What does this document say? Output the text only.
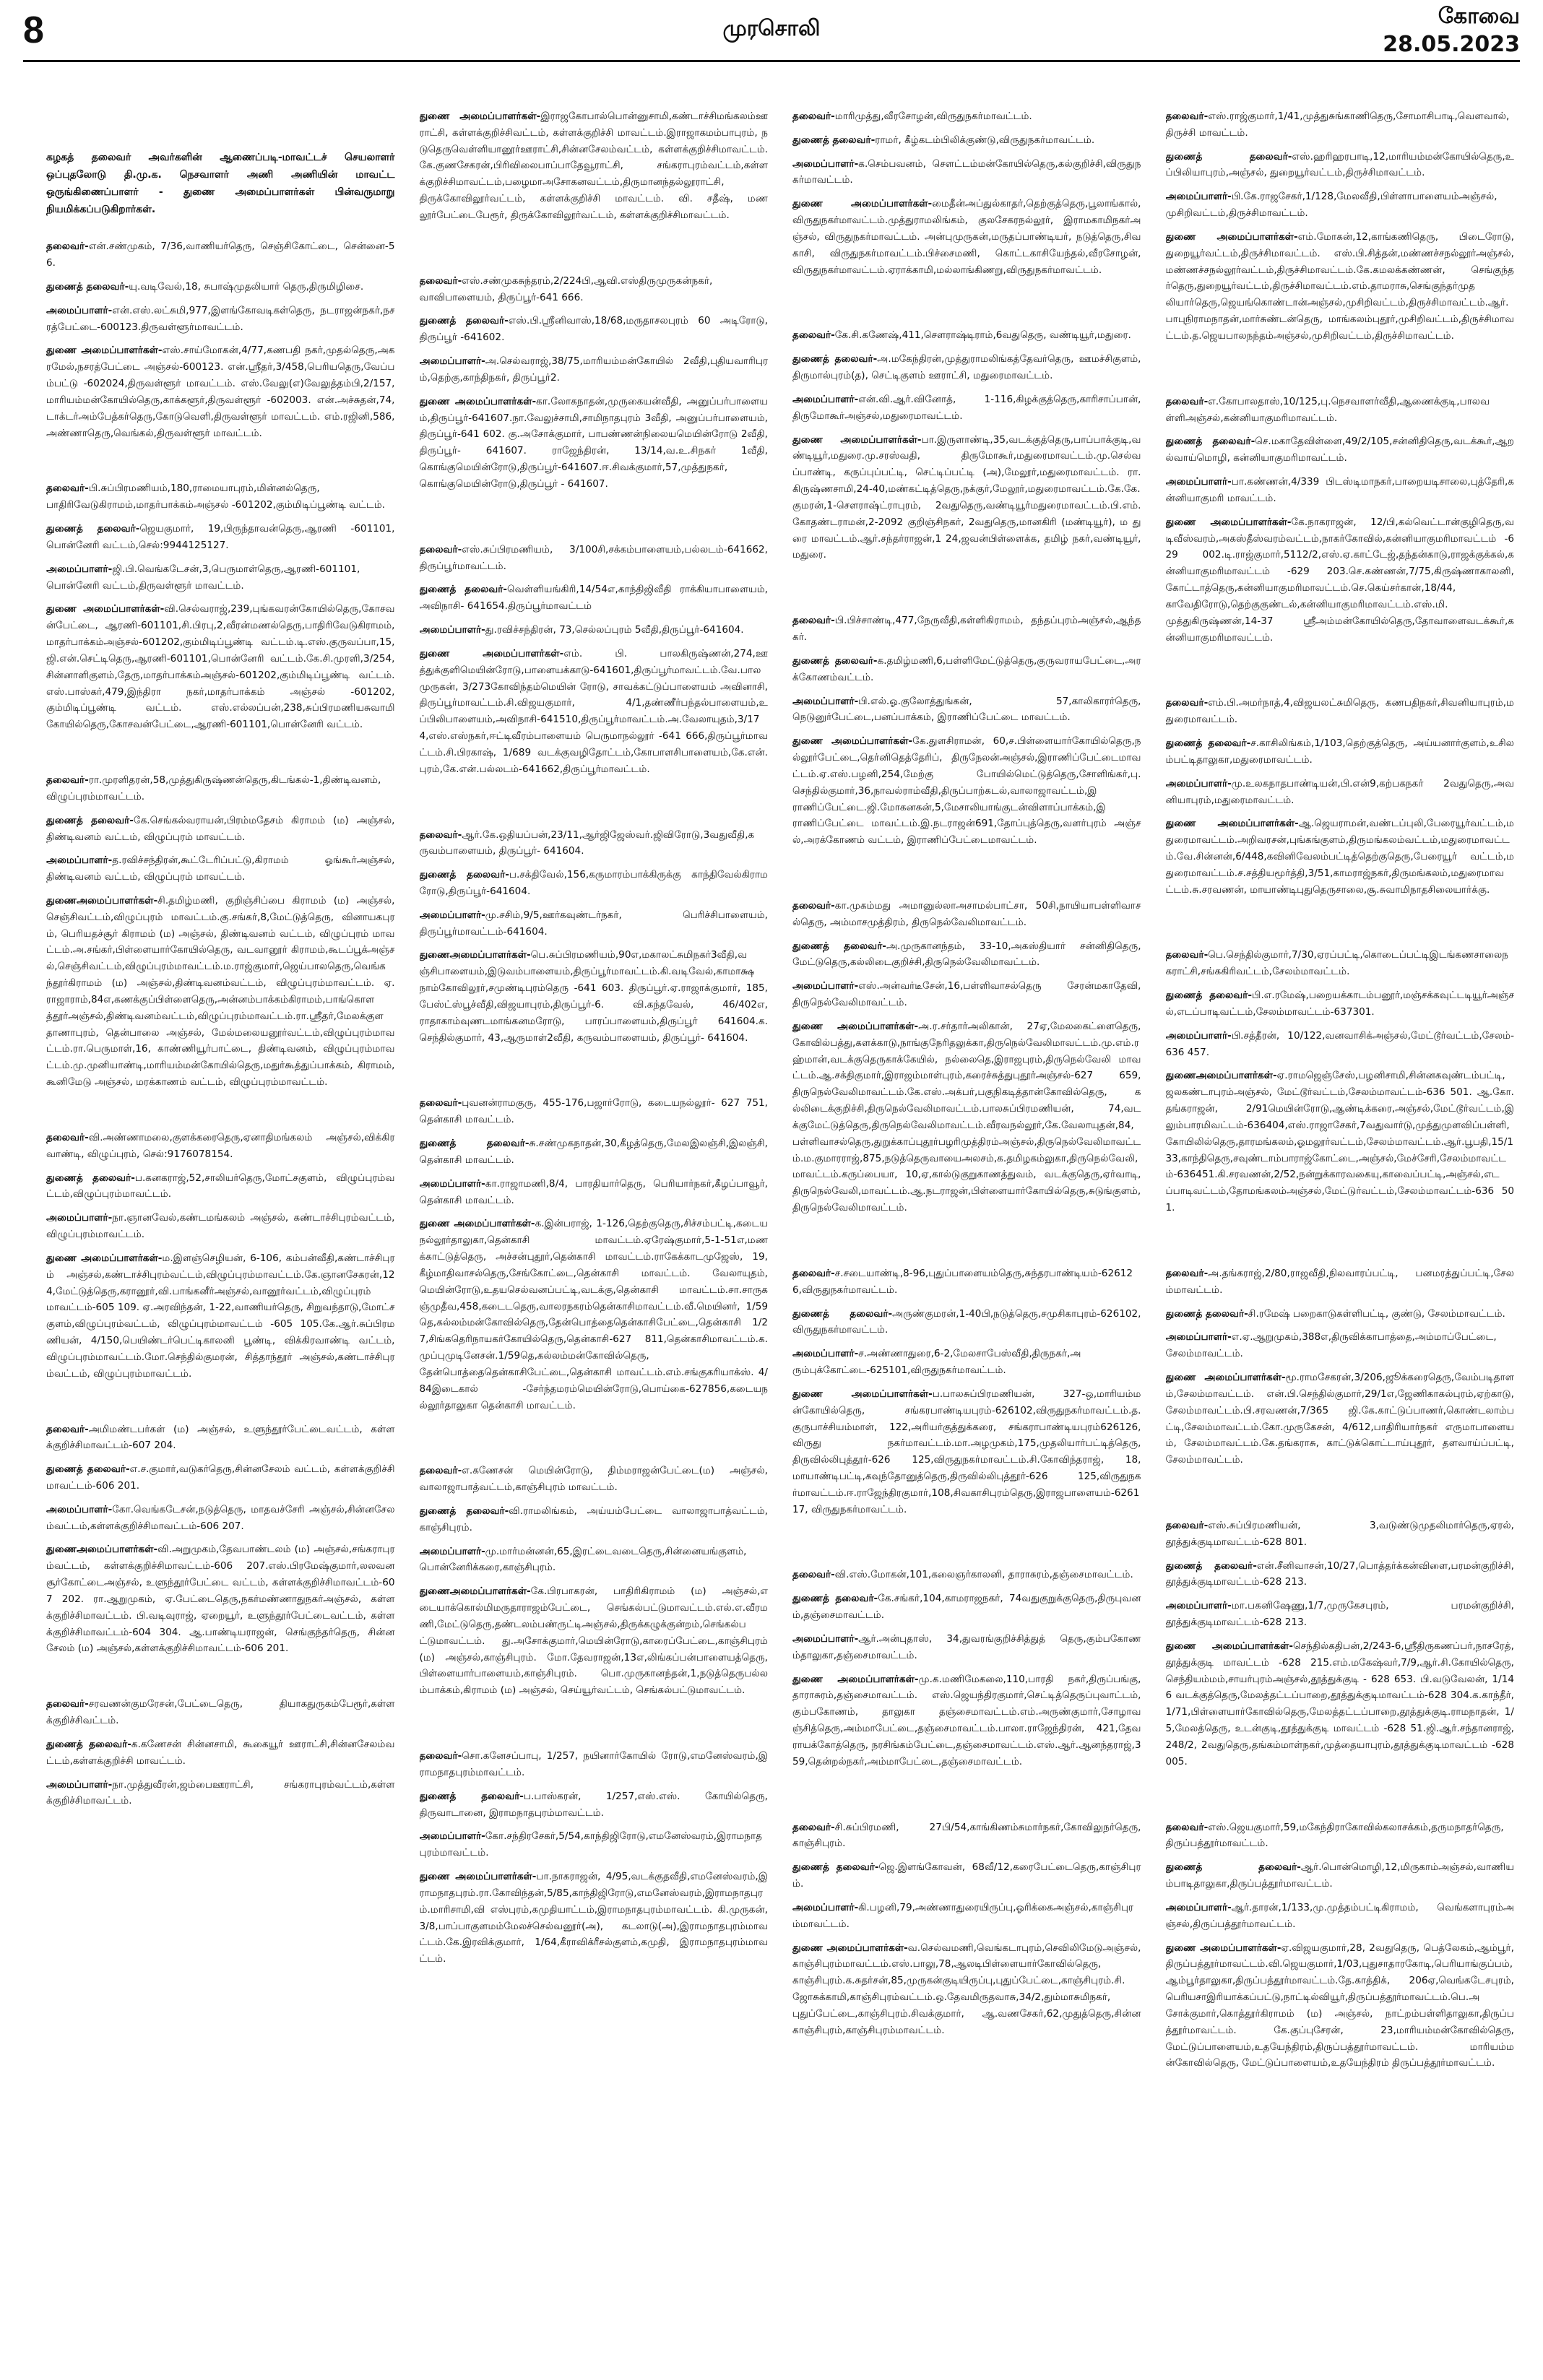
8	முரசொலி	கோவை 28.05.2023

கழகத் தலைவர் அவர்களின் ஆணைப்படி-மாவட்டச் செயலாளர் ஒப்புதலோடு தி.மு.க. நெசவாளர் அணி அணியின் மாவட்ட ஒருங்கிணைப்பாளர் - துணை அமைப்பாளர்கள் பின்வருமாறு நியமிக்கப்படுகிறார்கள்.

தலைவர்-என்.சண்முகம், 7/36,வாணியர்தெரு, செஞ்சிகோட்டை, சென்னை-56.

துணைத் தலைவர்-யு.வடிவேல்,18, சுபாஷ்முதலியார் தெரு,திருமிழிசை.

அமைப்பாளர்-என்.எஸ்.லட்சுமி,977,இளங்கோவடிகள்தெரு, நடராஜன்நகர்,நசரத்பேட்டை-600123.திருவள்ளூர்மாவட்டம்.

துணை அமைப்பாளர்கள்-எஸ்.சாய்மோகன்,4/77,கணபதி நகர்,முதல்தெரு,அகரமேல்,நசரத்பேட்டை அஞ்சல்-600123. என்.ஸ்ரீதர்,3/458,பெரியதெரு,வேப்பம்பட்டு -602024,திருவள்ளூர் மாவட்டம். எஸ்.வேலு(எ)வேலுத்தம்பி,2/157, மாரியம்மன்கோயில்தெரு,காக்களூர்,திருவள்ளூர் -602003. என்.அச்சுதன்,74, டாக்டர்அம்பேத்கர்தெரு,கோடுவெளி,திருவள்ளூர் மாவட்டம். எம்.ரஜினி,586,அண்ணாதெரு,வெங்கல்,திருவள்ளூர் மாவட்டம்.

தலைவர்-பி.சுப்பிரமணியம்,180,ராமையாபுரம்,மின்னல்தெரு,பாதிரிவேடுகிராமம்,மாதர்பாக்கம்அஞ்சல் -601202,கும்மிடிப்பூண்டி வட்டம்.

துணைத் தலைவர்-ஜெயகுமார், 19,பிருந்தாவன்தெரு,ஆரணி -601101,பொன்னேரி வட்டம்,செல்:9944125127.

அமைப்பாளர்-ஜி.பி.வெங்கடேசன்,3,பெருமாள்தெரு,ஆரணி-601101,பொன்னேரி வட்டம்,திருவள்ளூர் மாவட்டம்.

துணை அமைப்பாளர்கள்-வி.செல்வராஜ்,239,புங்கவரன்கோயில்தெரு,கோசவன்பேட்டை, ஆரணி-601101,சி.பிரபு,2,வீரன்மணல்தெரு,பாதிரிவேடுகிராமம்,மாதர்பாக்கம்அஞ்சல்-601202,கும்மிடிப்பூண்டி வட்டம்.டி.எஸ்.குருவப்பா,15,ஜி.என்.செட்டிதெரு,ஆரணி-601101,பொன்னேரி வட்டம்.கே.சி.முரளி,3/254,சின்னாளிகுளம்,தேரு,மாதர்பாக்கம்அஞ்சல்-601202,கும்மிடிப்பூண்டி வட்டம்.எஸ்.பாஸ்கர்,479,இந்திரா நகர்,மாதர்பாக்கம் அஞ்சல் -601202,கும்மிடிப்பூண்டி வட்டம். எஸ்.எல்லப்பன்,238,சுப்பிரமணியசுவாமி கோயில்தெரு,கோசவன்பேட்டை,ஆரணி-601101,பொன்னேரி வட்டம்.

தலைவர்-ரா.முரளிதரன்,58,முத்துகிருஷ்ணன்தெரு,கிடங்கல்-1,திண்டிவனம்,விழுப்புரம்மாவட்டம்.

துணைத் தலைவர்-கே.செங்கல்வராயன்,பிரம்மதேசம் கிராமம் (ம) அஞ்சல், திண்டிவனம் வட்டம், விழுப்புரம் மாவட்டம்.

அமைப்பாளர்-த.ரவிச்சந்திரன்,கூட்டேரிப்பட்டு,கிராமம் ஓங்கூர்அஞ்சல்,திண்டிவனம் வட்டம், விழுப்புரம் மாவட்டம்.

துணைஅமைப்பாளர்கள்-சி.தமிழ்மணி, குறிஞ்சிப்பை கிராமம் (ம) அஞ்சல்,செஞ்சிவட்டம்,விழுப்புரம் மாவட்டம்.கு.சங்கர்,8,மேட்டுத்தெரு, வினாயகபுரம், பெரியதச்சூர் கிராமம் (ம) அஞ்சல், திண்டிவனம் வட்டம், விழுப்புரம் மாவட்டம்.அ.சங்கர்,பிள்ளையார்கோயில்தெரு, வடவானூர் கிராமம்,கூடப்பூக்அஞ்சல்,செஞ்சிவட்டம்,விழுப்புரம்மாவட்டம்.ம.ராஜ்குமார்,ஜெய்பாலதெரு,வெங்கந்தூர்கிராமம் (ம) அஞ்சல்,திண்டிவனம்வட்டம், விழுப்புரம்மாவட்டம். ஏ.ராஜாராம்,84எ,கணக்குப்பிள்ளைதெரு,அன்னம்பாக்கம்கிராமம்,பாங்கொளத்தூர்அஞ்சல்,திண்டிவனம்வட்டம்,விழுப்புரம்மாவட்டம்.ரா.ஸ்ரீதர்,மேலக்குளதாணாபுரம், தென்பாலை அஞ்சல், மேல்மலையனூர்வட்டம்,விழுப்புரம்மாவட்டம்.ரா.பெருமாள்,16, காண்ணியூர்பாட்டை, திண்டிவனம், விழுப்புரம்மாவட்டம்.மு.முனியாண்டி,மாரியம்மன்கோயில்தெரு,மதுர்கூத்துப்பாக்கம், கிராமம், கூனிமேடு அஞ்சல், மரக்காணம் வட்டம், விழுப்புரம்மாவட்டம்.

தலைவர்-வி.அண்ணாமலை,குளக்கரைதெரு,ஏனாதிமங்கலம் அஞ்சல்,விக்கிரவாண்டி, விழுப்புரம், செல்:9176078154.

துணைத் தலைவர்-ப.கனகராஜ்,52,சாலியர்தெரு,மோட்சகுளம், விழுப்புரம்வட்டம்,விழுப்புரம்மாவட்டம்.

அமைப்பாளர்-நா.ஞானவேல்,கண்டமங்கலம் அஞ்சல், கண்டாச்சிபுரம்வட்டம்,விழுப்புரம்மாவட்டம்.

துணை அமைப்பாளர்கள்-ம.இளஞ்செழியன், 6-106, கம்பன்வீதி,கண்டாச்சிபுரம் அஞ்சல்,கண்டாச்சிபுரம்வட்டம்,விழுப்புரம்மாவட்டம்.கே.ஞானசேகரன்,124,மேட்டுத்தெரு,கரானூர்,வி.பாங்கனீர்அஞ்சல்,வானூர்வட்டம்,விழுப்புரம் மாவட்டம்-605 109. ஏ.அரவிந்தன், 1-22,வாணியர்தெரு, சிறுவந்தாடு,மோட்சகுளம்,விழுப்புரம்வட்டம், விழுப்புரம்மாவட்டம் -605 105.கே.ஆர்.சுப்பிரமணியன், 4/150,பெயிண்டர்பெட்டிகாலனி பூண்டி, விக்கிரவாண்டி வட்டம்,விழுப்புரம்மாவட்டம்.மோ.செந்தில்குமரன், சித்தாந்தூர் அஞ்சல்,கண்டாச்சிபுரம்வட்டம், விழுப்புரம்மாவட்டம்.

தலைவர்-அமிமண்டபர்கள் (ம) அஞ்சல், உளுந்தூர்பேட்டைவட்டம், கள்ளக்குறிச்சிமாவட்டம்-607 204.

துணைத் தலைவர்-எ.ச.குமார்,வடுகர்தெரு,சின்னசேலம் வட்டம், கள்ளக்குறிச்சி மாவட்டம்-606 201.

அமைப்பாளர்-கோ.வெங்கடேசன்,நடுத்தெரு, மாதவச்சேரி அஞ்சல்,சின்னசேலம்வட்டம்,கள்ளக்குறிச்சிமாவட்டம்-606 207.

துணைஅமைப்பாளர்கள்-வி.அறுமுகம்,தேவபாண்டலம் (ம) அஞ்சல்,சங்கராபுரம்வட்டம், கள்ளக்குறிச்சிமாவட்டம்-606 207.எஸ்.பிரமேஷ்குமார்,லலவனசூர்கோட்டைஅஞ்சல், உளுந்தூர்பேட்டை வட்டம், கள்ளக்குறிச்சிமாவட்டம்-607 202. ரா.ஆறுமுகம், ஏ.பேட்டைதெரு,நகர்மண்ணாதுநகர்அஞ்சல், கள்ளக்குறிச்சிமாவட்டம். பி.வடிவுராஜ், ஏறையூர், உளுந்தூர்பேட்டைவட்டம், கள்ளக்குறிச்சிமாவட்டம்-604 304. ஆ.பாண்டியராஜன், செங்குந்தர்தெரு, சின்னசேலம் (ம) அஞ்சல்,கள்ளக்குறிச்சிமாவட்டம்-606 201.

தலைவர்-சரவணன்குமரேசன்,பேட்டைதெரு, தியாகதுருகம்பேரூர்,கள்ளக்குறிச்சிவட்டம்.

துணைத் தலைவர்-க.கணேசன் சின்னசாமி, கூகையூர் ஊராட்சி,சின்னசேலம்வட்டம்,கள்ளக்குறிச்சி மாவட்டம்.

அமைப்பாளர்-நா.முத்துவீரன்,ஜம்பைஊராட்சி, சங்கராபுரம்வட்டம்,கள்ளக்குறிச்சிமாவட்டம்.

துணை அமைப்பாளர்கள்-இராஜகோபால்பொன்னுசாமி,கண்டாச்சிமங்கலம்ஊராட்சி, கள்ளக்குறிச்சிவட்டம், கள்ளக்குறிச்சி மாவட்டம்.இராஜாகமம்பாபுரம், நடுதெருவெள்ளியானூர்ஊராட்சி,சின்னசேலம்வட்டம், கள்ளக்குறிச்சிமாவட்டம்.கே.குணசேகரன்,பிரிவிலைபாப்பாதேவூராட்சி, சங்கராபுரம்வட்டம்,கள்ளக்குறிச்சிமாவட்டம்,பழைமாஅசோகனவட்டம்,திருமானந்தல்லூராட்சி,திருக்கோவிலூர்வட்டம், கள்ளக்குறிச்சி மாவட்டம். வி. சதீஷ், மணலூர்பேட்டைபேரூர், திருக்கோவிலூர்வட்டம், கள்ளக்குறிச்சிமாவட்டம்.

தலைவர்-எஸ்.சண்முகசுந்தரம்,2/224பி,ஆவி.எஸ்திருமுருகன்நகர்,வாவிபாளையம், திருப்பூர்-641 666.

துணைத் தலைவர்-எஸ்.பி.ஸ்ரீனிவாஸ்,18/68,மருதாசலபுரம் 60 அடிரோடு, திருப்பூர் -641602.

அமைப்பாளர்-அ.செல்வராஜ்,38/75,மாரியம்மன்கோயில் 2வீதி,புதியவாரிபுரம்,தெற்கு,காந்திநகர், திருப்பூர்2.

துணை அமைப்பாளர்கள்-கா.லோகநாதன்,முருகையன்வீதி, அனுப்பர்பாளையம்,திருப்பூர்-641607.நா.வேலுச்சாமி,சாமிநாதபுரம் 3வீதி, அனுப்பர்பாளையம், திருப்பூர்-641 602. கு.அசோக்குமார், பாபண்ணன்நிலையமெயின்ரோடு 2வீதி,திருப்பூர்- 641607. ராஜேந்திரன், 13/14,வ.உ.சிநகர் 1வீதி,கொங்குமெயின்ரோடு,திருப்பூர்-641607.ஈ.சிவக்குமார்,57,முத்துநகர்,கொங்குமெயின்ரோடு,திருப்பூர் - 641607.

தலைவர்-எஸ்.சுப்பிரமணியம், 3/100சி,சக்கம்பாளையம்,பல்லடம்-641662, திருப்பூர்மாவட்டம்.

துணைத் தலைவர்-வெள்ளியங்கிரி,14/54எ,காந்திஜிவீதி ராக்கியாபாளையம், அவிநாசி- 641654.திருப்பூர்மாவட்டம்

அமைப்பாளர்-து.ரவிச்சந்திரன், 73,செல்லப்புரம் 5வீதி,திருப்பூர்-641604.

துணை அமைப்பாளர்கள்-எம். பி. பாலகிருஷ்ணன்,274,ஊத்துக்குளிமெயின்ரோடு,பாளையக்காடு-641601,திருப்பூர்மாவட்டம்.வே.பாலமுருகன், 3/273கோவிந்தம்மெயின் ரோடு, சாவக்கட்டுப்பாளையம் அவினாசி, திருப்பூர்மாவட்டம்.சி.விஜயகுமார், 4/1,தண்ணீர்பந்தல்பாளையம்,உப்பிலிபாளையம்,அவிநாசி-641510,திருப்பூர்மாவட்டம்.அ.வேலாயுதம்,3/174,எஸ்.எஸ்நகர்,ஈட்டிவீரம்பாளையம் பெருமாநல்லூர் -641 666,திருப்பூர்மாவட்டம்.சி.பிரகாஷ், 1/689 வடக்குவழிதோட்டம்,கோபாளசிபாளையம்,கே.என்.புரம்,கே.என்.பல்லடம்-641662,திருப்பூர்மாவட்டம்.

தலைவர்-ஆர்.கே.ஒதியப்பன்,23/11,ஆர்ஜிஜேஸ்வர்.ஜிவிரோடு,3வதுவீதி,கருவம்பாளையம், திருப்பூர்- 641604.

துணைத் தலைவர்-ப.சக்திவேல்,156,கருமாரம்பாக்கிருக்கு காந்திவேல்கிராமரோடு,திருப்பூர்-641604.

அமைப்பாளர்-மு.சசிம்,9/5,ஊர்கவுண்டர்நகர், பெரிச்சிபாளையம்,திருப்பூர்மாவட்டம்-641604.

துணைஅமைப்பாளர்கள்-பெ.சுப்பிரமணியம்,90எ,மகாலட்சுமிநகர்3வீதி,வஞ்சிபாளையம்,இடுவம்பாளையம்,திருப்பூர்மாவட்டம்.கி.வடிவேல்,காமாக்ஷநாம்கோவிலூர்,சமுண்டிபுரம்தெரு -641 603. திருப்பூர்.ஏ.ராஜாக்குமார், 185, பேஸ்ட்ஸ்பூச்வீதி,விஜயாபுரம்,திருப்பூர்-6. வி.கந்தவேல், 46/402எ,ராதாகாம்வுணடமாங்கனமரோடு, பாரப்பாளையம்,திருப்பூர் 641604.க.செந்தில்குமார், 43,ஆருமாள்2வீதி, கருவம்பாளையம், திருப்பூர்- 641604.

தலைவர்-புவனன்ராமகுரு, 455-176,பஜார்ரோடு, கடையநல்லூர்- 627 751,தென்காசி மாவட்டம்.

துணைத் தலைவர்-சு.சண்முகநாதன்,30,கீழத்தெரு,மேலஇலஞ்சி,இலஞ்சி,தென்காசி மாவட்டம்.

அமைப்பாளர்-கா.ராஜாமணி,8/4, பாரதியார்தெரு, பெரியார்நகர்,கீழப்பாவூர்,தென்காசி மாவட்டம்.

துணை அமைப்பாளர்கள்-க.இன்பராஜ், 1-126,தெற்குதெரு,சிச்சம்பட்டி,கடையநல்லூர்தாலுகா,தென்காசி மாவட்டம்.ஏரேஷ்குமார்,5-1-51எ,மணக்காட்டுத்தெரு, அச்சன்புதூர்,தென்காசி மாவட்டம்.ராகேக்காடமுஜேஸ், 19,கீழ்மாதிவாசல்தெரு,சேங்கோட்டை,தென்காசி மாவட்டம். வேலாயுதம்,மெயின்ரோடு,உதயசெல்வனப்பட்டி,வடக்கு,தென்காசி மாவட்டம்.சா.சாருகஞ்முதீவ,458,கடைடதெரு,வாலரநகரம்தென்காசிமாவட்டம்.வீ.மெயினர், 1/59தெ,கல்லம்மன்கோவில்தெரு,தேன்பொத்தைதென்காசிபேட்டை,தென்காசி 1/27,சிங்கதெரிநாயகர்கோயில்தெரு,தென்காசி-627 811,தென்காசிமாவட்டம்.க.முப்புமுடினேசன்.1/59தெ,கல்லம்மன்கோவில்தெரு,தேன்பொத்தைதென்காசிபேட்டை,தென்காசி மாவட்டம்.எம்.சங்குகரியாக்ஸ். 4/84இடைகால் -சேர்ந்தமரம்மெயின்ரோடு,பொய்கை-627856,கடையநல்லூர்தாலுகா தென்காசி மாவட்டம்.

தலைவர்-எ.கணேசன் மெயின்ரோடு, திம்மராஜன்பேட்டை(ம) அஞ்சல்,வாலாஜாபாத்வட்டம்,காஞ்சிபுரம் மாவட்டம்.

துணைத் தலைவர்-வி.ராமலிங்கம், அய்யம்பேட்டை வாலாஜாபாத்வட்டம்,காஞ்சிபுரம்.

அமைப்பாளர்-மு.மார்மன்னன்,65,இரட்டைவடைதெரு,சின்னையங்குளம்,பொன்னேரிக்கரை,காஞ்சிபுரம்.

துணைஅமைப்பாளர்கள்-கே.பிரபாகரன், பாதிரிகிராமம் (ம) அஞ்சல்,எடையாக்கொல்மிமருதாராஜம்பேட்டை, செங்கல்பட்டுமாவட்டம்.எல்.எ.வீரமணி,மேட்டுதெரு,தண்டலம்பண்ருட்டிஅஞ்சல்,திருக்கழுக்குன்றம்,செங்கல்பட்டுமாவட்டம். து.அசோக்குமார்,மெயின்ரோடு,காரைப்பேட்டை,காஞ்சிபுரம் (ம) அஞ்சல்,காஞ்சிபுரம். மோ.தேவராஜன்,13எ,லிங்கப்பன்பாளையத்தெரு,பிள்ளையார்பாளையம்,காஞ்சிபுரம். பொ.முருகானந்தன்,1,நடுத்தெருபல்லம்பாக்கம்,கிராமம் (ம) அஞ்சல், செய்யூர்வட்டம், செங்கல்பட்டுமாவட்டம்.

தலைவர்-சொ.கனேசப்பாபு, 1/257, நயினார்கோயில் ரோடு,எமனேஸ்வரம்,இராமநாதபுரம்மாவட்டம்.

துணைத் தலைவர்-ப.பாஸ்கரன், 1/257,எஸ்.எஸ். கோயில்தெரு,திருவாடானை, இராமநாதபுரம்மாவட்டம்.

அமைப்பாளர்-கோ.சந்திரசேகர்,5/54,காந்திஜிரோடு,எமனேஸ்வரம்,இராமநாதபுரம்மாவட்டம்.

துணை அமைப்பாளர்கள்-பா.நாகராஜன், 4/95,வடக்குதவீதி,எமனேஸ்வரம்,இராமநாதபுரம்.ரா.கோவிந்தன்,5/85,காந்திஜிரோடு,எமனேஸ்வரம்,இராமநாதபுரம்.மாரிசாமி,வி எஸ்புரம்,கமுதியாட்டம்,இராமநாதபுரம்மாவட்டம். கி.முருகன்,3/8,பாப்பாகுளமம்மேலச்செல்வனூர்(அ), கடலாடு(அ),இராமநாதபுரம்மாவட்டம்.கே.இரவிக்குமார், 1/64,கீராவிக்ரீசல்குளம்,கமுதி, இராமநாதபுரம்மாவட்டம்.

தலைவர்-மாரிமுத்து,வீரசோழன்,விருதுநகர்மாவட்டம்.

துணைத் தலைவர்-ராமர், கீழ்கடம்பிலிக்குண்டு,விருதுநகர்மாவட்டம்.

அமைப்பாளர்-க.செம்பவனம், செளட்டம்மன்கோயில்தெரு,கல்குறிச்சி,விருதுநகர்மாவட்டம்.

துணை அமைப்பாளர்கள்-மைதீன்அப்துல்காதர்,தெற்குத்தெரு,பூலாங்கால்,விருதுநகர்மாவட்டம்.முத்துராமலிங்கம், குலசேகரநல்லூர், இராமகாமிநகர்அஞ்சல், விருதுநகர்மாவட்டம். அன்புமுருகன்,மருதப்பாண்டியர், நடுத்தெரு,சிவகாசி, விருதுநகர்மாவட்டம்.பிச்சைமணி, கொட்டகாசியேந்தல்,வீரசோழன், விருதுநகர்மாவட்டம்.ஏராக்காமி,மல்லாங்கிணறு,விருதுநகர்மாவட்டம்.

தலைவர்-கே.சி.கணேஷ்,411,சௌராஷ்டிராம்,6வதுதெரு, வண்டியூர்,மதுரை.

துணைத் தலைவர்-அ.மகேந்திரன்,முத்துராமலிங்கத்தேவர்தெரு, ஊமச்சிகுளம், திருமால்புரம்(த), செட்டிகுளம் ஊராட்சி, மதுரைமாவட்டம்.

அமைப்பாளர்-என்.வி.ஆர்.வினோத், 1-116,கிழக்குத்தெரு,காரிசாப்பான், திருமோகூர்அஞ்சல்,மதுரைமாவட்டம்.

துணை அமைப்பாளர்கள்-பா.இருளாண்டி,35,வடக்குத்தெரு,பாப்பாக்குடி,வண்டியூர்,மதுரை.மு.சரஸ்வதி, திருமோகூர்,மதுரைமாவட்டம்.மு.செல்வப்பாண்டி, கருப்புப்பட்டி, செட்டிப்பட்டி (அ),மேலூர்,மதுரைமாவட்டம். ரா.கிருஷ்ணசாமி,24-40,மண்கட்டித்தெரு,நக்குர்,மேலூர்,மதுரைமாவட்டம்.கே.கே.குமரன்,1-சௌராஷ்ட்ராபுரம், 2வதுதெரு,வண்டியூர்மதுரைமாவட்டம்.பி.எம்.கோதண்டராமன்,2-2092 குறிஞ்சிநகர், 2வதுதெரு,மானகிரி (மண்டியூர்), ம து ரை மாவட்டம்.ஆர்.சந்தர்ராஜன்,1 24,ஜவன்பிள்ளைக்க, தமிழ் நகர்,வண்டியூர்,மதுரை.

தலைவர்-பி.பிச்சாண்டி,477,நேருவீதி,கள்ளிகிராமம், தந்தப்புரம்அஞ்சல்,ஆந்தகர்.

துணைத் தலைவர்-க.தமிழ்மணி,6,பள்ளிமேட்டுத்தெரு,குருவராயபேட்டை,அரக்கோணம்வட்டம்.

அமைப்பாளர்-பி.எல்.ஓ.குலோத்துங்கன், 57,காலிகாரர்தெரு, நெடுனுர்பேட்டை,பனப்பாக்கம், இராணிப்பேட்டை மாவட்டம்.

துணை அமைப்பாளர்கள்-கே.துளசிராமன், 60,ச.பிள்ளையார்கோயில்தெரு,நல்லூர்பேட்டை,தெர்னிதெத்தேரிப், திருநேலன்அஞ்சல்,இராணிப்பேட்டைமாவட்டம்.ஏ.எஸ்.பழனி,254,மேற்கு போயில்மெட்டுத்தெரு,சோளிங்கர்,பு.செந்தில்குமார்,36,நாவல்ராம்வீதி,திருப்பாற்கடல்,வாலாஜாவட்டம்,இராணிப்பேட்டை.ஜி.மோகனகன்,5,மேசாலியாங்குடன்விளாப்பாக்கம்,இராணிப்பேட்டை மாவட்டம்.இ.நடராஜன்691,தோப்புத்தெரு,வளர்புரம் அஞ்சல்,அரக்கோணம் வட்டம், இராணிப்பேட்டைமாவட்டம்.

தலைவர்-கா.முகம்மது அமானுல்லாஅசாமல்பாட்சா, 50சி,நாயியாபள்ளிவாசல்தெரு, அம்மாசமுத்திரம், திருநெல்வேலிமாவட்டம்.

துணைத் தலைவர்-அ.முருகானந்தம், 33-10,அகஸ்தியார் சன்னிதிதெரு,மேட்டுதெரு,கல்லிடைகுறிச்சி,திருநெல்வேலிமாவட்டம்.

அமைப்பாளர்-எஸ்.அன்வர்டீசேன்,16,பள்ளிவாசல்தெரு சேரன்மகாதேவி,திருநெல்வேலிமாவட்டம்.

துணை அமைப்பாளர்கள்-அ.ர.சர்தார்அலிகான், 27ஏ,மேலகைட்ளைதெரு,கோவில்பத்து,களக்காடு,நாங்குநேரிதலுக்கா,திருநெல்வேலிமாவட்டம்.மு.எம்.ரஹ்மான்,வடக்குதெருகாக்கேயில், நல்லைதெ,இராஜபுரம்,திருநெல்வேலி மாவட்டம்.ஆ.சக்திகுமார்,இராஜம்மாள்புரம்,கரைச்சுத்துபுதூர்அஞ்சல்-627 659,திருநெல்வேலிமாவட்டம்.கே.எஸ்.அக்பர்,பகுநிகடித்தான்கோவில்தெரு, கல்லிடைக்குறிச்சி,திருநெல்வேலிமாவட்டம்.பாலசுப்பிரமணியன், 74,வடக்குமேட்டுத்தெரு,திருநெல்வேலிமாவட்டம்.வீரவநல்லூர்,கே.வேலாயுதன்,84,பள்ளிவாசல்தெரு,துறுக்காப்புதூர்பழரிமுத்திரம்அஞ்சல்,திருநெல்வேலிமாவட்டம்.ம.குமாரராஜ்,875,நடுத்தெருவாயைஅலசம்,க.தமிழகம்லுகா,திருநெல்வேலி,மாவட்டம்.கருப்பையா, 10,ஏ,கால்டுகுறுகாணத்துவம், வடக்குதெரு,ஏர்வாடி,திருநெல்வேலி,மாவட்டம்.ஆ.நடராஜன்,பிள்ளையார்கோயில்தெரு,சுடுங்குளம், திருநெல்வேலிமாவட்டம்.

தலைவர்-ச.சடையாண்டி,8-96,புதுப்பாளையம்தெரு,சுந்தரபாண்டியம்-626126,விருதுநகர்மாவட்டம்.

துணைத் தலைவர்-அருண்குமரன்,1-40பி,நடுத்தெரு,சமுசிகாபுரம்-626102,விருதுநகர்மாவட்டம்.

அமைப்பாளர்-ச.அண்ணாதுரை,6-2,மேலசாபேஸ்வீதி,திருநகர்,அரும்புக்கோட்டை-625101,விருதுநகர்மாவட்டம்.

துணை அமைப்பாளர்கள்-ப.பாலசுப்பிரமணியன், 327-ஒ,மாரியம்மன்கோயில்தெரு, சங்கரபாண்டியபுரம்-626102,விருதுநகர்மாவட்டம்.த.குருபாச்சியம்மாள், 122,அரியர்குத்துக்கரை, சங்கராபாண்டியபுரம்626126,விருது நகர்மாவட்டம்.மா.அழமுகம்,175,முதலியார்பட்டித்தெரு,திருவில்லிபுத்தூர்-626 125,விருதுநகர்மாவட்டம்.சி.கோவிந்தராஜ், 18,மாயாண்டிபட்டி,கவுந்தோனுத்தெரு,திருவில்லிபுத்தூர்-626 125,விருதுநகர்மாவட்டம்.ஈ.ராஜேந்திரகுமார்,108,சிவகாசிபுரம்தெரு,இராஜபாளையம்-626117, விருதுநகர்மாவட்டம்.

தலைவர்-வி.எஸ்.மோகன்,101,கலைஞர்காலனி, தாராசுரம்,தஞ்சைமாவட்டம்.

துணைத் தலைவர்-கே.சங்கர்,104,காமராஜநகர், 74வதுகுறுக்குதெரு,திருபுவனம்,தஞ்சைமாவட்டம்.

அமைப்பாளர்-ஆர்.அன்புதாஸ், 34,துவரங்குறிச்சித்துத் தெரு,கும்பகோணம்தாலுகா,தஞ்சைமாவட்டம்.

துணை அமைப்பாளர்கள்-மு.க.மணிமேகலை,110,பாரதி நகர்,திருப்பங்கு,தாராசுரம்,தஞ்சைமாவட்டம். எஸ்.ஜெயந்திரகுமார்,செட்டித்தெருப்புவாட்டம்,கும்பகோணம், தாலுகா தஞ்சைமாவட்டம்.எம்.அருண்குமார்,சோழாவஞ்சித்தெரு,அம்மாபேட்டை,தஞ்சைமாவட்டம்.பாலா.ராஜேந்திரன், 421,தேவராயக்கோத்தெரு, நரசிங்கம்பேட்டை,தஞ்சைமாவட்டம்.எஸ்.ஆர்.ஆனந்தராஜ்,359,தென்றல்நகர்,அம்மாபேட்டை,தஞ்சைமாவட்டம்.

தலைவர்-சி.சுப்பிரமணி, 27பி/54,காங்கிணம்சுமார்நகர்,கோவிலுநர்தெரு,காஞ்சிபுரம்.

துணைத் தலைவர்-ஜெ.இளங்கோவன், 68வீ/12,கரைபேட்டைதெரு,காஞ்சிபுரம்.

அமைப்பாளர்-கி.பழனி,79,அண்ணாதுரையிருப்பு,ஓரிக்கைஅஞ்சல்,காஞ்சிபுரம்மாவட்டம்.

துணை அமைப்பாளர்கள்-வ.செல்வமணி,வெங்கடாபுரம்,செவிலிமேடுஅஞ்சல்,காஞ்சிபுரம்மாவட்டம்.எஸ்.பாலு,78,ஆலடிபிள்ளையார்கோவில்தெரு,காஞ்சிபுரம்.க.சுதர்சன்,85,முருகன்குடியிருப்பு,புதுப்பேட்டை,காஞ்சிபுரம்.சி.ஜோசுக்காமி,காஞ்சிபுரம்வட்டம்.ஒ.தேவமிருதவாசு,34/2,தும்மாசுமிநகர்,புதுப்பேட்டை,காஞ்சிபுரம்.சிவக்குமார், ஆ.வணசேகர்,62,முதுத்தெரு,சின்னகாஞ்சிபுரம்,காஞ்சிபுரம்மாவட்டம்.

தலைவர்-எஸ்.ராஜ்குமார்,1/41,முத்துசுங்காணிதெரு,சோமாசிபாடி,வெளவால்,திருச்சி மாவட்டம்.

துணைத் தலைவர்-எஸ்.ஹரிஹரபாடி,12,மாரியம்மன்கோயில்தெரு,உப்பிலியாபுரம்,அஞ்சல், துறையூர்வட்டம்,திருச்சிமாவட்டம்.

அமைப்பாளர்-பி.கே.ராஜசேகர்,1/128,மேலவீதி,பிள்ளாபாளையம்அஞ்சல்,முசிறிவட்டம்,திருச்சிமாவட்டம்.

துணை அமைப்பாளர்கள்-எம்.மோகன்,12,காங்கணிதெரு, பிடைரோடு,துறையூர்வட்டம்,திருச்சிமாவட்டம். எஸ்.பி.சித்தன்,மண்ணச்சநல்லூர்அஞ்சல், மண்ணச்சநல்லூர்வட்டம்,திருச்சிமாவட்டம்.கே.கமலக்கண்ணன், செங்குந்தர்தெரு,துறையூர்வட்டம்,திருச்சிமாவட்டம்.எம்.தாமராசு,செங்குந்தர்முதலியார்தெரு,ஜெயங்கொண்டான்அஞ்சல்,முசிறிவட்டம்,திருச்சிமாவட்டம்.ஆர்.பாபுநிராமநாதன்,மார்சுண்டன்தெரு, மாங்கலம்புதூர்,முசிறிவட்டம்,திருச்சிமாவட்டம்.த.ஜெயபாலநந்தம்அஞ்சல்,முசிறிவட்டம்,திருச்சிமாவட்டம்.

தலைவர்-எ.கோபாலதாஸ்,10/125,பு.நெசவாளர்வீதி,ஆணைக்குடி,பாலவள்ளிஅஞ்சல்,கன்னியாகுமரிமாவட்டம்.

துணைத் தலைவர்-செ.மகாதேவிள்ளை,49/2/105,சன்னிதிதெரு,வடக்கூர்,ஆறல்வாய்மொழி, கன்னியாகுமரிமாவட்டம்.

அமைப்பாளர்-பா.கண்ணன்,4/339 பிடஸ்டிமாநகர்,பாறையடிசாலை,புத்தேரி,கன்னியாகுமரி மாவட்டம்.

துணை அமைப்பாளர்கள்-கே.நாகராஜன், 12/பி,கல்வெட்டான்குழிதெரு,வடிவீஸ்வரம்,அகஸ்தீஸ்வரம்வட்டம்,நாகர்கோவில்,கன்னியாகுமரிமாவட்டம் -629 002.டி.ராஜ்குமார்,5112/2,எஸ்.ஏ.காட்டேஜ்,தந்தன்காடு,ராஜக்குக்கல்,கன்னியாகுமரிமாவட்டம் -629 203.செ.கண்ணன்,7/75,கிருஷ்ணாகாலனி,கோட்டாத்தெரு,கன்னியாகுமரிமாவட்டம்.செ.கெய்சர்கான்,18/44,காவேதிரோடு,தெற்குகுண்டல்,கன்னியாகுமரிமாவட்டம்.எஸ்.மி.முத்துகிருஷ்ணன்,14-37 ஸ்ரீஅம்மன்கோயில்தெரு,தோவாளைவடக்கூர்,கன்னியாகுமரிமாவட்டம்.

தலைவர்-எம்.பி.அமர்நாத்,4,விஜயலட்சுமிதெரு, கணபதிநகர்,சிவனியாபுரம்,மதுரைமாவட்டம்.

துணைத் தலைவர்-ச.காசிலிங்கம்,1/103,தெற்குத்தெரு, அய்யனார்குளம்,உசிலம்பட்டிதாலுகா,மதுரைமாவட்டம்.

அமைப்பாளர்-மு.உலகநாதபாண்டியன்,பி.என்9,கற்பகநகர் 2வதுதெரு,அவனியாபுரம்,மதுரைமாவட்டம்.

துணை அமைப்பாளர்கள்-ஆ.ஜெயராமன்,வண்டப்புலி,பேரையூர்வட்டம்,மதுரைமாவட்டம்.அறிவரசன்,புங்கங்குளம்,திருமங்கலம்வட்டம்,மதுரைமாவட்டம்.வே.சின்னன்,6/448,கவினிவேலம்பட்டித்தெற்குதெரு,பேரையூர் வட்டம்,மதுரைமாவட்டம்.ச.சத்தியமூர்த்தி,3/51,காமராஜ்நகர்,திருமங்கலம்,மதுரைமாவட்டம்.சு.சரவணன், மாயாண்டிபுதுதெருசாலை,சூ.சுவாமிநாதசிலையார்க்கு.

தலைவர்-பெ.செந்தில்குமார்,7/30,ஏரப்பட்டி,கொடைப்பட்டிஇடங்கணசாலைநகராட்சி,சங்ககிரிவட்டம்,சேலம்மாவட்டம்.

துணைத் தலைவர்-பி.எ.ரமேஷ்,பறையக்காடம்பனூர்,மஞ்சக்கவுட்டடியூர்அஞ்சல்,எடப்பாடிவட்டம்,சேலம்மாவட்டம்-637301.

அமைப்பாளர்-பி.சத்தீரன், 10/122,வனவாசிக்அஞ்சல்,மேட்டூர்வட்டம்,சேலம்-636 457.

துணைஅமைப்பாளர்கள்-ஏ.ராமஜெஞ்சேஸ்,பழனிசாமி,சின்னகவுண்டம்பட்டி, ஜலகண்டாபுரம்அஞ்சல், மேட்டூர்வட்டம்,சேலம்மாவட்டம்-636 501. ஆ.கோ.தங்கராஜன், 2/91மெயின்ரோடு,ஆண்டிக்கரை,அஞ்சல்,மேட்டூர்வட்டம்,இலும்பாரமிவட்டம்-636404,எஸ்.ராஜாசேகர்,7வதுவார்டு,முத்துமுளவிப்பள்ளி,கோயிலில்தெரு,தாரமங்கலம்,ஓமலூர்வட்டம்,சேலம்மாவட்டம்.ஆர்.பூபதி,15/133,காந்திதெரு,சவுண்டாம்பாராஜ்கோட்டை,அஞ்சல்,மேச்சேரி,சேலம்மாவட்டம்-636451.கி.சரவணன்,2/52,நன்றுக்காரவகையு,காவைப்பட்டி,அஞ்சல்,எடப்பாடிவட்டம்,தோமங்கலம்அஞ்சல்,மேட்டுர்வட்டம்,சேலம்மாவட்டம்-636 501.

தலைவர்-அ.தங்கராஜ்,2/80,ராஜவீதி,நிலவாரப்பட்டி, பனமரத்துப்பட்டி,சேலம்மாவட்டம்.

துணைத் தலைவர்-சி.ரமேஷ் பறைகாடுகள்ளிபட்டி, குண்டு, சேலம்மாவட்டம்.

அமைப்பாளர்-எ.ஏ.ஆறுமுகம்,388எ,திருவிக்காபாத்தை,அம்மாப்பேட்டை,சேலம்மாவட்டம்.

துணை அமைப்பாளர்கள்-மூ.ராமசேகரன்,3/206,ஜூக்கரைதெரு,வேம்படிதாளம்,சேலம்மாவட்டம். என்.பி.செந்தில்குமார்,29/1எ,ஜேணிகாகல்புரம்,ஏற்காடு, சேலம்மாவட்டம்.பி.சரவணன்,7/365 ஜி.கே.காட்டுப்பாணர்,கொண்டலாம்பட்டி,சேலம்மாவட்டம்.கோ.முருகேசன், 4/612,பாதிரியார்நகர் எருமாபாளையம், சேலம்மாவட்டம்.கே.தங்கராசு, காட்டுக்கொட்டாய்புதூர், தளவாய்ப்பட்டி,சேலம்மாவட்டம்.

தலைவர்-எஸ்.சுப்பிரமணியன், 3,வடுண்டுமுதலிமார்தெரு,ஏரல்,தூத்துக்குடிமாவட்டம்-628 801.

துணைத் தலைவர்-என்.சீனிவாசன்,10/27,பொத்தர்க்கன்விளை,பரமன்குறிச்சி,தூத்துக்குடிமாவட்டம்-628 213.

அமைப்பாளர்-மா.பகனிஷேணு,1/7,முருகேசபுரம், பரமன்குறிச்சி,தூத்துக்குடிமாவட்டம்-628 213.

துணை அமைப்பாளர்கள்-செந்தில்கதிபன்,2/243-6,ஸ்ரீதிருகணப்பர்,நாசரேத்,தூத்துக்குடி மாவட்டம் -628 215.எம்.மகேஷ்வர்,7/9,ஆர்.சி.கோயில்தெரு,செந்தியம்மம்,சாயர்புரம்அஞ்சல்,தூத்துக்குடி - 628 653. பி.வடுவேலன், 1/146 வடக்குத்தெரு,மேலத்தட்டப்பாறை,தூத்துக்குடிமாவட்டம்-628 304.க.காந்தீர், 1/71,பிள்ளையார்கோவில்தெரு,மேலத்தட்டப்பாறை,தூத்துக்குடி.ராமநாதன், 1/5,மேலத்தெரு, உடன்குடி,தூத்துக்குடி மாவட்டம் -628 51.ஜி.ஆர்.சந்தானராஜ்,248/2, 2வதுதெரு,தங்கம்மாள்நகர்,முத்தையாபுரம்,தூத்துக்குடிமாவட்டம் -628 005.

தலைவர்-எஸ்.ஜெயகுமார்,59,மகேந்திராகோவில்கலாசக்கம்,தருமநாதர்தெரு,திருப்பத்தூர்மாவட்டம்.

துணைத் தலைவர்-ஆர்.பொன்மொழி,12,மிருகாம்அஞ்சல்,வாணியம்பாடிதாலுகா,திருப்பத்தூர்மாவட்டம்.

அமைப்பாளர்-ஆர்.தாரன்,1/133,மு.முத்தம்பட்டிகிராமம், வெங்களாபுரம்அஞ்சல்,திருப்பத்தூர்மாவட்டம்.

துணை அமைப்பாளர்கள்-ஏ.விஜயகுமார்,28, 2வதுதெரு, பெத்லேகம்,ஆம்பூர், திருப்பத்தூர்மாவட்டம்.வி.ஜெயகுமார்,1/03,புதுசாதாரகோடி,பெரியாங்குப்பம்,ஆம்பூர்தாலுகா,திருப்பத்தூர்மாவட்டம்.தே.காத்திக், 206ஏ,வெங்கடேசபுரம்,பெரியசாஇரியாக்கப்பட்டு,நாட்டில்வியூர்,திருப்பத்தூர்மாவட்டம்.பெ.அசோக்குமார்,கொத்தூர்கிராமம் (ம) அஞ்சல், நாட்றம்பள்ளிதாலுகா,திருப்பத்தூர்மாவட்டம். கே.குப்புசேரன், 23,மாரியம்மன்கோவில்தெரு,மேட்டுப்பாளையம்,உதயேந்திரம்,திருப்பத்தூர்மாவட்டம். மாரியம்மன்கோவில்தெரு, மேட்டுப்பாளையம்,உதயேந்திரம் திருப்பத்தூர்மாவட்டம்.
